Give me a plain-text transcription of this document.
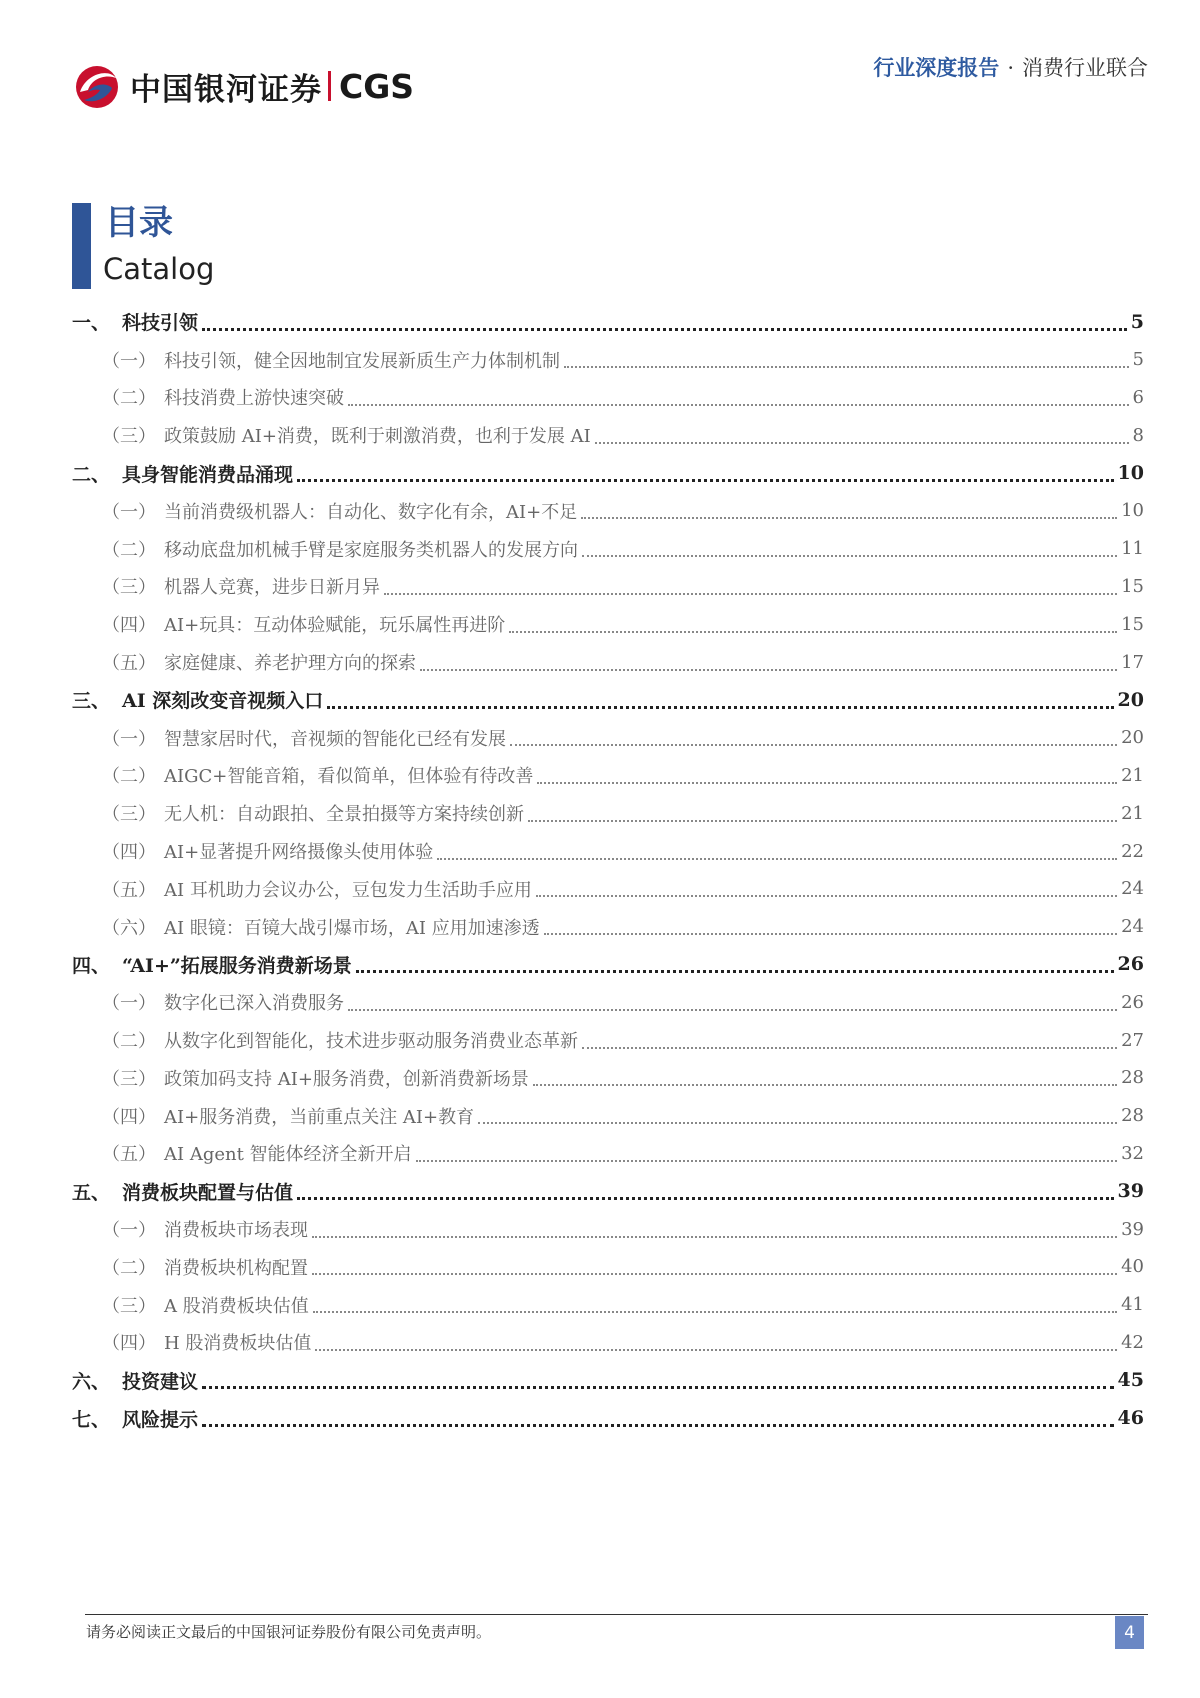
中国银河证券 CGS	行业深度报告 · 消费行业联合
目录
Catalog
一、 科技引领	5
（一） 科技引领，健全因地制宜发展新质生产力体制机制	5
（二） 科技消费上游快速突破	6
（三） 政策鼓励 AI+消费，既利于刺激消费，也利于发展 AI	8
二、 具身智能消费品涌现	10
（一） 当前消费级机器人：自动化、数字化有余，AI+不足	10
（二） 移动底盘加机械手臂是家庭服务类机器人的发展方向	11
（三） 机器人竞赛，进步日新月异	15
（四） AI+玩具：互动体验赋能，玩乐属性再进阶	15
（五） 家庭健康、养老护理方向的探索	17
三、 AI 深刻改变音视频入口	20
（一） 智慧家居时代，音视频的智能化已经有发展	20
（二） AIGC+智能音箱，看似简单，但体验有待改善	21
（三） 无人机：自动跟拍、全景拍摄等方案持续创新	21
（四） AI+显著提升网络摄像头使用体验	22
（五） AI 耳机助力会议办公，豆包发力生活助手应用	24
（六） AI 眼镜：百镜大战引爆市场，AI 应用加速渗透	24
四、 “AI+”拓展服务消费新场景	26
（一） 数字化已深入消费服务	26
（二） 从数字化到智能化，技术进步驱动服务消费业态革新	27
（三） 政策加码支持 AI+服务消费，创新消费新场景	28
（四） AI+服务消费，当前重点关注 AI+教育	28
（五） AI Agent 智能体经济全新开启	32
五、 消费板块配置与估值	39
（一） 消费板块市场表现	39
（二） 消费板块机构配置	40
（三） A 股消费板块估值	41
（四） H 股消费板块估值	42
六、 投资建议	45
七、 风险提示	46
请务必阅读正文最后的中国银河证券股份有限公司免责声明。	4
